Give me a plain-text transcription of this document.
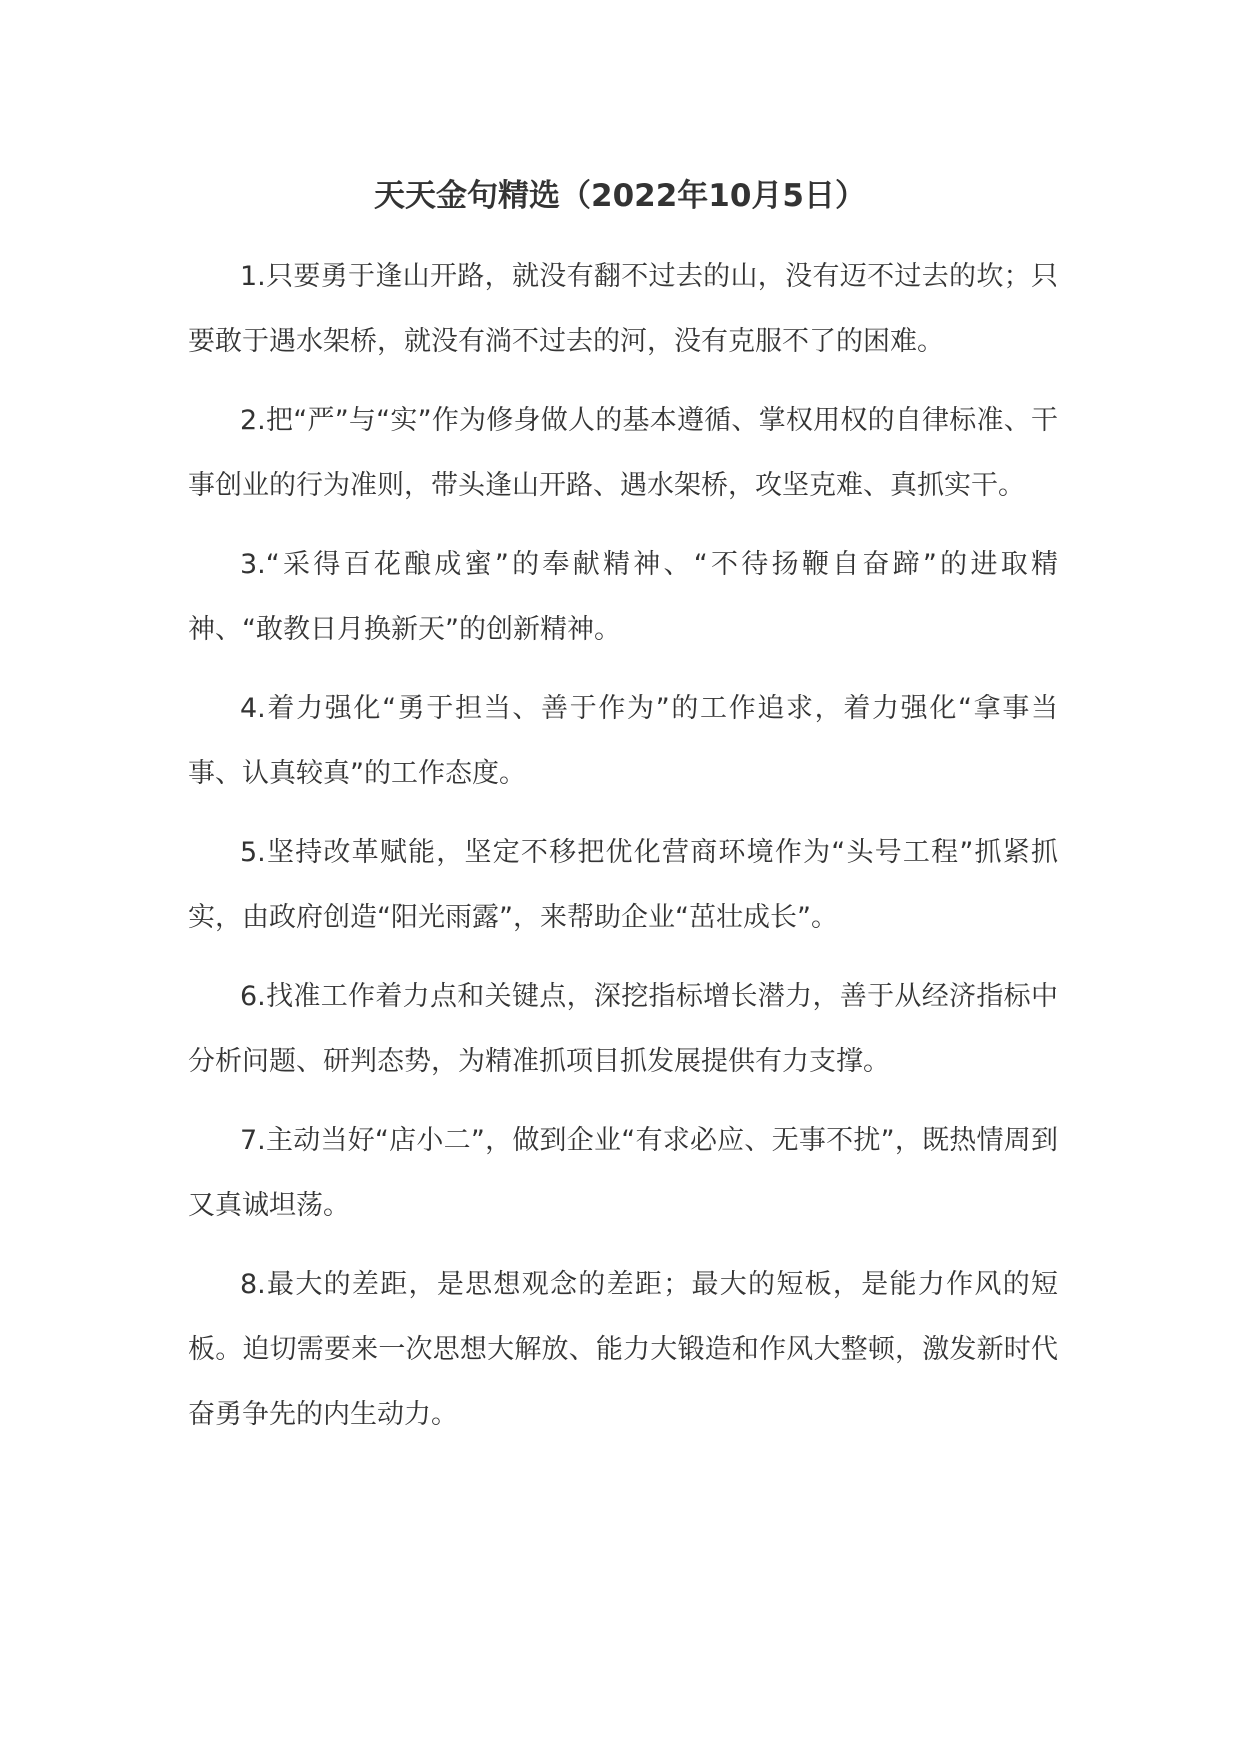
天天金句精选（2022年10月5日）

1.只要勇于逢山开路，就没有翻不过去的山，没有迈不过去的坎；只要敢于遇水架桥，就没有淌不过去的河，没有克服不了的困难。

2.把“严”与“实”作为修身做人的基本遵循、掌权用权的自律标准、干事创业的行为准则，带头逢山开路、遇水架桥，攻坚克难、真抓实干。

3.“采得百花酿成蜜”的奉献精神、“不待扬鞭自奋蹄”的进取精神、“敢教日月换新天”的创新精神。

4.着力强化“勇于担当、善于作为”的工作追求，着力强化“拿事当事、认真较真”的工作态度。

5.坚持改革赋能，坚定不移把优化营商环境作为“头号工程”抓紧抓实，由政府创造“阳光雨露”，来帮助企业“茁壮成长”。

6.找准工作着力点和关键点，深挖指标增长潜力，善于从经济指标中分析问题、研判态势，为精准抓项目抓发展提供有力支撑。

7.主动当好“店小二”，做到企业“有求必应、无事不扰”，既热情周到又真诚坦荡。

8.最大的差距，是思想观念的差距；最大的短板，是能力作风的短板。迫切需要来一次思想大解放、能力大锻造和作风大整顿，激发新时代奋勇争先的内生动力。
